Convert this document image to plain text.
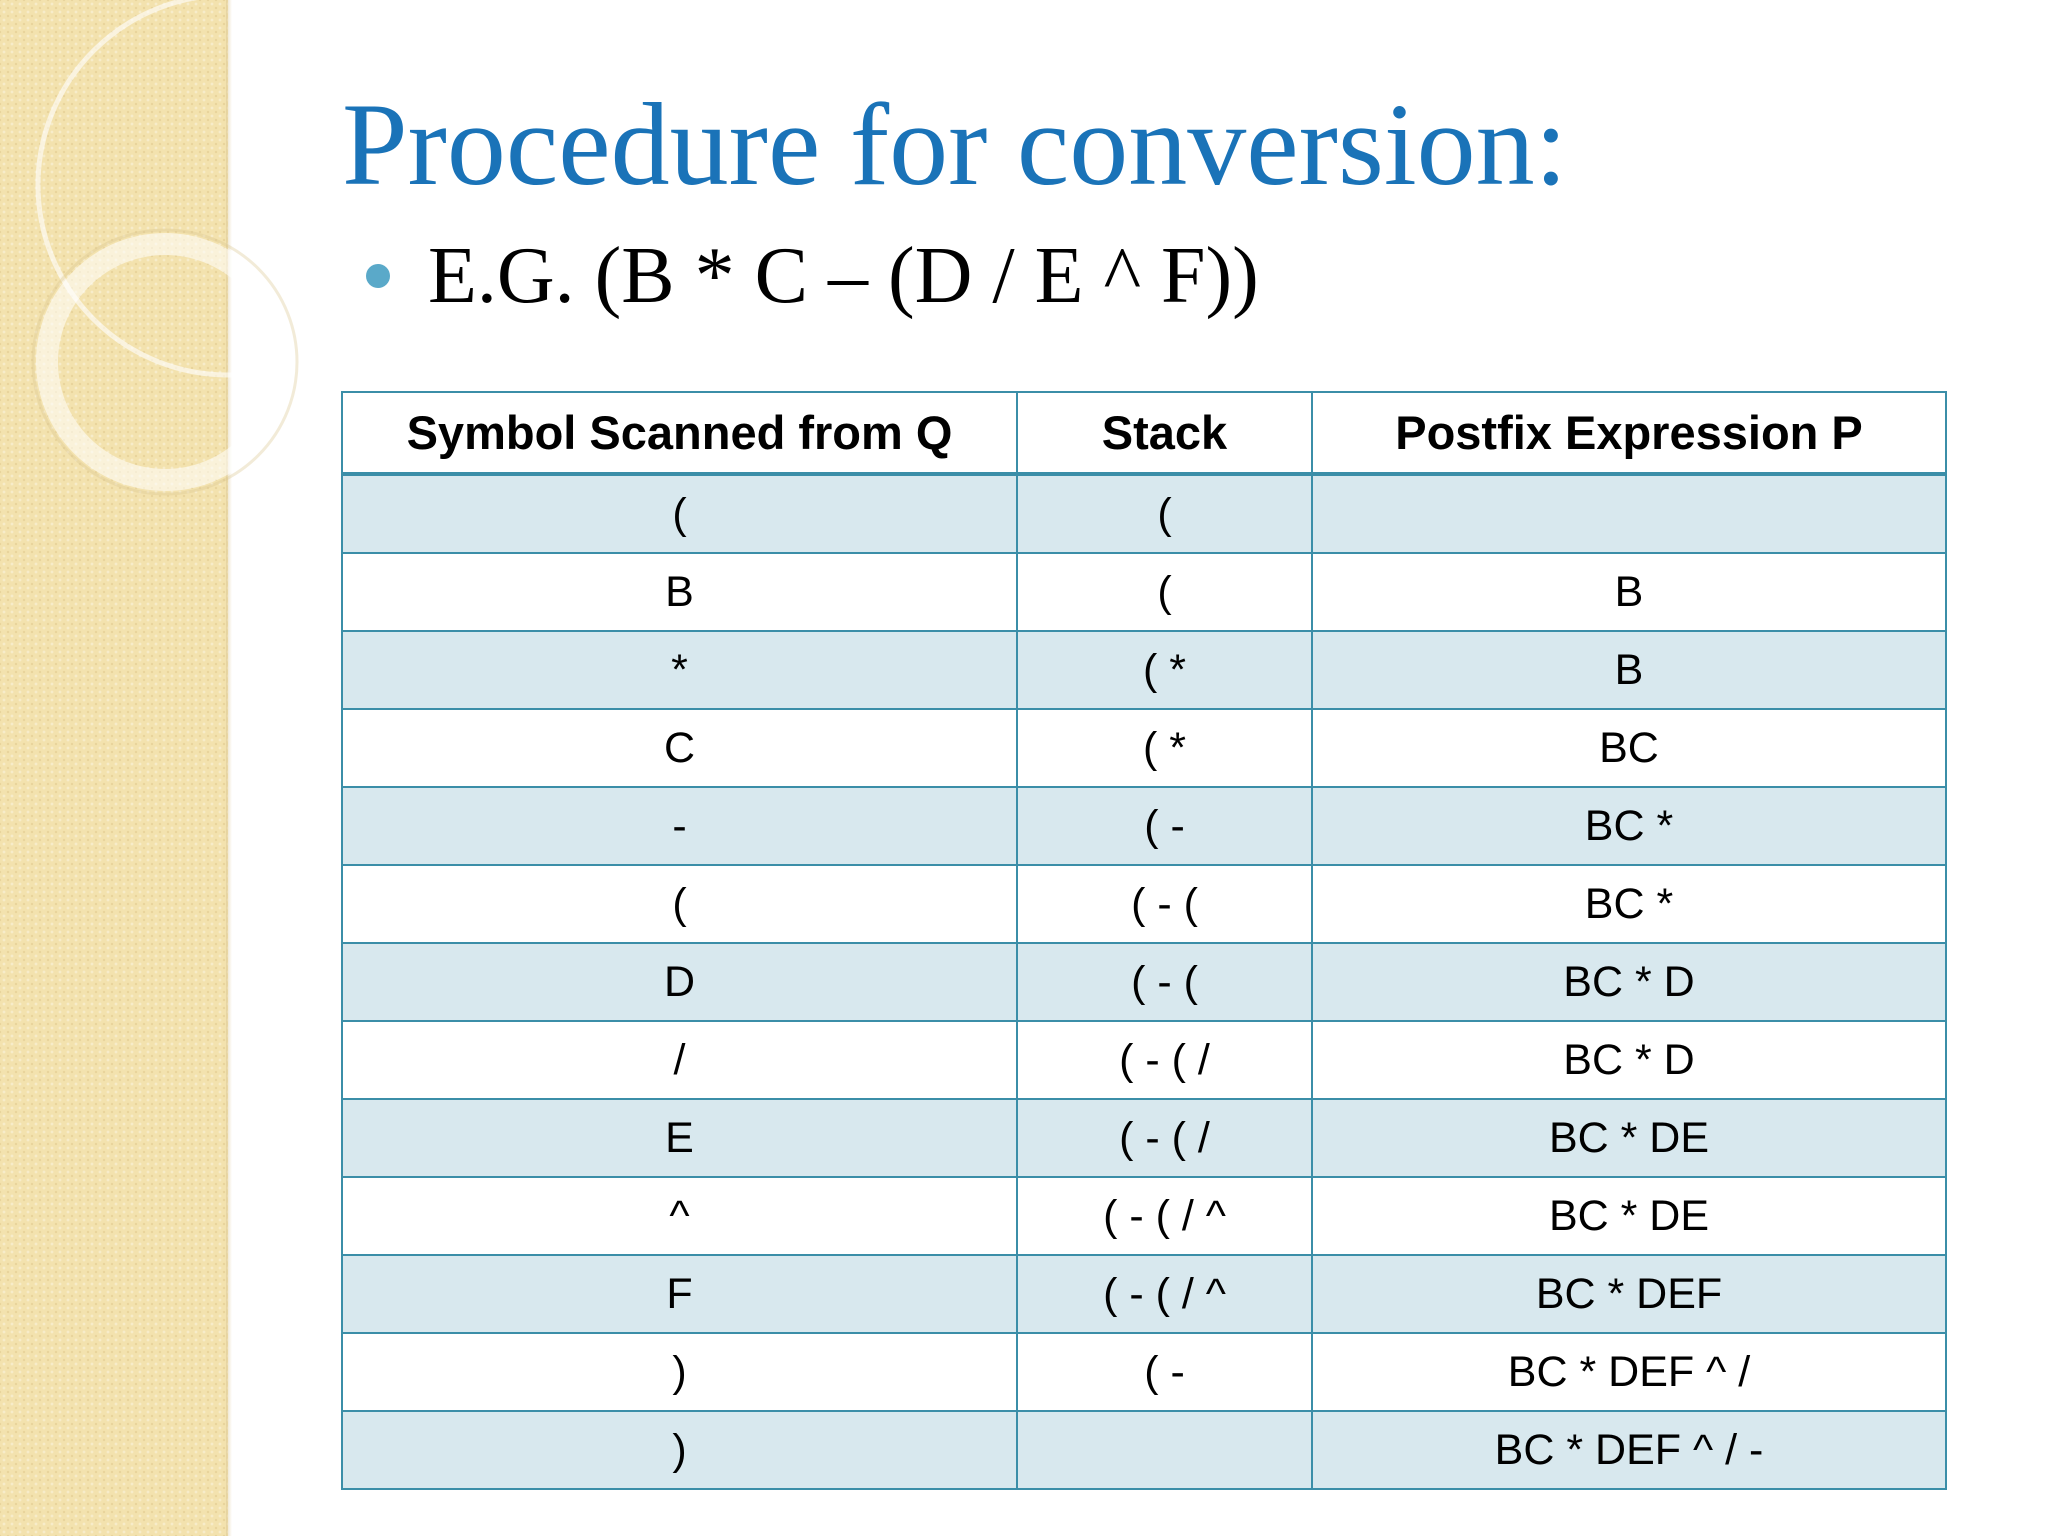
Procedure for conversion:
E.G. (B * C – (D / E ^ F))
Symbol Scanned from Q	Stack	Postfix Expression P
(	(	
B	(	B
*	( *	B
C	( *	BC
-	( -	BC *
(	( - (	BC *
D	( - (	BC * D
/	( - ( /	BC * D
E	( - ( /	BC * DE
^	( - ( / ^	BC * DE
F	( - ( / ^	BC * DEF
)	( -	BC * DEF ^ /
)		BC * DEF ^ / -
